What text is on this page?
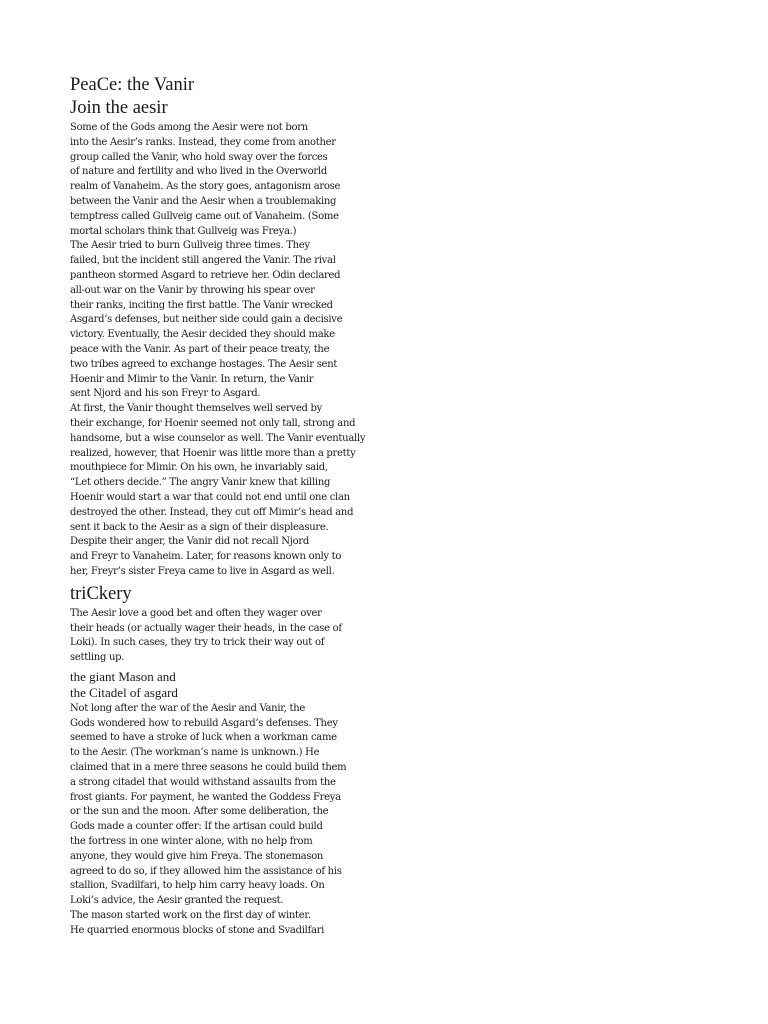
PeaCe: the Vanir
Join the aesir

Some of the Gods among the Aesir were not born

into the Aesir’s ranks. Instead, they come from another

group called the Vanir, who hold sway over the forces

of nature and fertility and who lived in the Overworld

realm of Vanaheim. As the story goes, antagonism arose

between the Vanir and the Aesir when a troublemaking

temptress called Gullveig came out of Vanaheim. (Some

mortal scholars think that Gullveig was Freya.)

The Aesir tried to burn Gullveig three times. They

failed, but the incident still angered the Vanir. The rival

pantheon stormed Asgard to retrieve her. Odin declared

all-out war on the Vanir by throwing his spear over

their ranks, inciting the first battle. The Vanir wrecked

Asgard’s defenses, but neither side could gain a decisive

victory. Eventually, the Aesir decided they should make

peace with the Vanir. As part of their peace treaty, the

two tribes agreed to exchange hostages. The Aesir sent

Hoenir and Mimir to the Vanir. In return, the Vanir

sent Njord and his son Freyr to Asgard.

At first, the Vanir thought themselves well served by

their exchange, for Hoenir seemed not only tall, strong and

handsome, but a wise counselor as well. The Vanir eventually

realized, however, that Hoenir was little more than a pretty

mouthpiece for Mimir. On his own, he invariably said,

“Let others decide.” The angry Vanir knew that killing

Hoenir would start a war that could not end until one clan

destroyed the other. Instead, they cut off Mimir’s head and

sent it back to the Aesir as a sign of their displeasure.

Despite their anger, the Vanir did not recall Njord

and Freyr to Vanaheim. Later, for reasons known only to

her, Freyr’s sister Freya came to live in Asgard as well.

triCkery

The Aesir love a good bet and often they wager over

their heads (or actually wager their heads, in the case of

Loki). In such cases, they try to trick their way out of

settling up.

the giant Mason and
the Citadel of asgard

Not long after the war of the Aesir and Vanir, the

Gods wondered how to rebuild Asgard’s defenses. They

seemed to have a stroke of luck when a workman came

to the Aesir. (The workman’s name is unknown.) He

claimed that in a mere three seasons he could build them

a strong citadel that would withstand assaults from the

frost giants. For payment, he wanted the Goddess Freya

or the sun and the moon. After some deliberation, the

Gods made a counter offer: If the artisan could build

the fortress in one winter alone, with no help from

anyone, they would give him Freya. The stonemason

agreed to do so, if they allowed him the assistance of his

stallion, Svadilfari, to help him carry heavy loads. On

Loki’s advice, the Aesir granted the request.

The mason started work on the first day of winter.

He quarried enormous blocks of stone and Svadilfari
